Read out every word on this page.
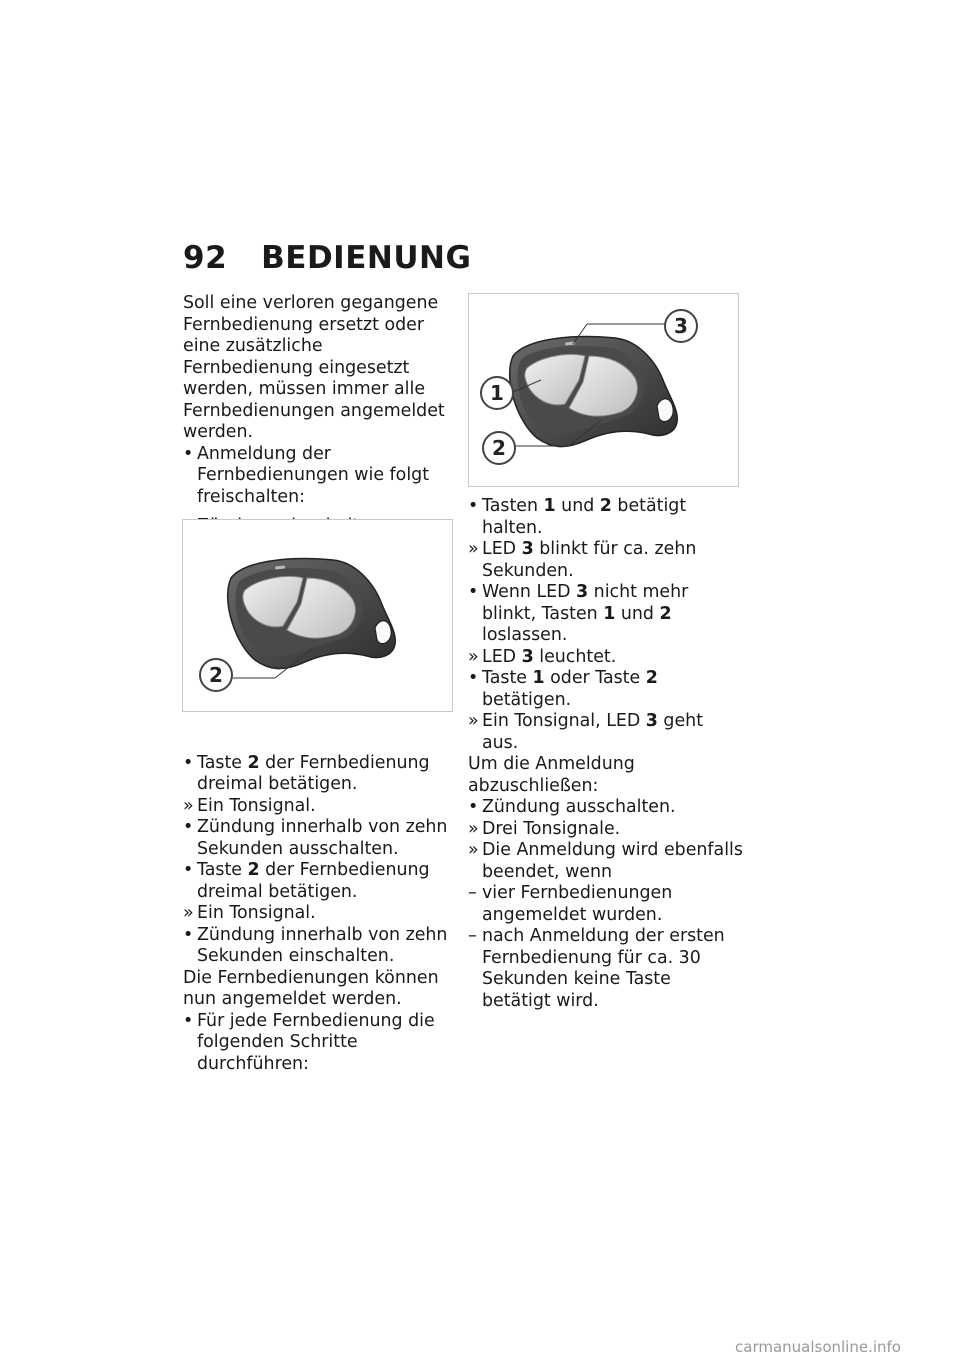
92 BEDIENUNG

Soll eine verloren gegangene Fernbedienung ersetzt oder eine zusätzliche Fernbedienung eingesetzt werden, müssen immer alle Fernbedienungen angemeldet werden.

• Anmeldung der Fernbedienungen wie folgt freischalten:
• Taste 2 der Fernbedienung dreimal betätigen.
» Ein Tonsignal.
• Zündung innerhalb von zehn Sekunden ausschalten.
• Taste 2 der Fernbedienung dreimal betätigen.
» Ein Tonsignal.
• Zündung innerhalb von zehn Sekunden einschalten.

Die Fernbedienungen können nun angemeldet werden.

• Für jede Fernbedienung die folgenden Schritte durchführen:
2
3
1
2
• Tasten 1 und 2 betätigt halten.
» LED 3 blinkt für ca. zehn Sekunden.
• Wenn LED 3 nicht mehr blinkt, Tasten 1 und 2 loslassen.
» LED 3 leuchtet.
• Taste 1 oder Taste 2 betätigen.
» Ein Tonsignal, LED 3 geht aus.

Um die Anmeldung abzuschließen:

• Zündung ausschalten.
» Drei Tonsignale.
» Die Anmeldung wird ebenfalls beendet, wenn
– vier Fernbedienungen angemeldet wurden.
– nach Anmeldung der ersten Fernbedienung für ca. 30 Sekunden keine Taste betätigt wird.
carmanualsonline.info
